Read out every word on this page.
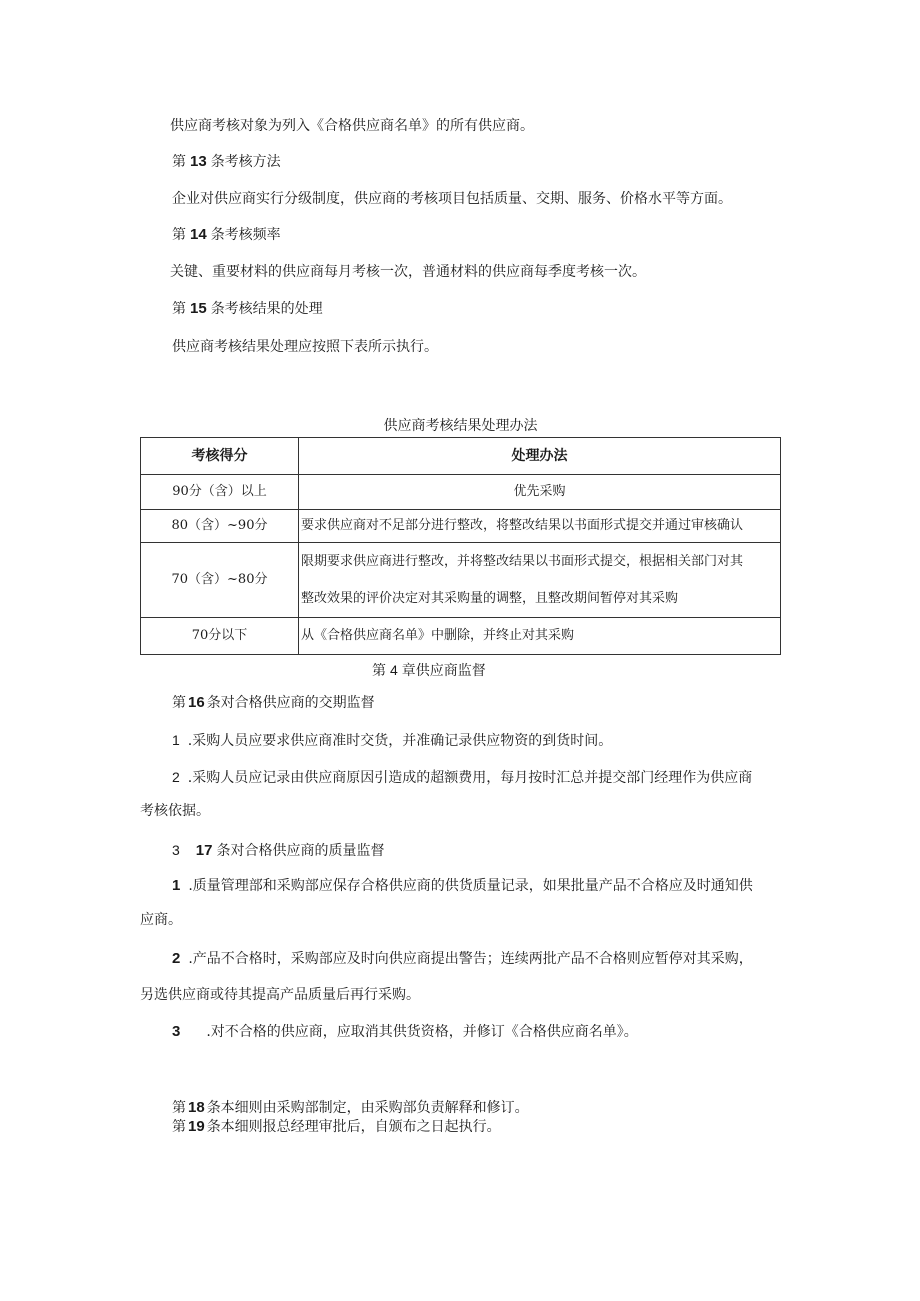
供应商考核对象为列入《合格供应商名单》的所有供应商。
第 13 条考核方法
企业对供应商实行分级制度，供应商的考核项目包括质量、交期、服务、价格水平等方面。
第 14 条考核频率
关键、重要材料的供应商每月考核一次，普通材料的供应商每季度考核一次。
第 15 条考核结果的处理
供应商考核结果处理应按照下表所示执行。
供应商考核结果处理办法
考核得分	处理办法
90分（含）以上	优先采购
80（含）~90分	要求供应商对不足部分进行整改，将整改结果以书面形式提交并通过审核确认
70（含）~80分	限期要求供应商进行整改，并将整改结果以书面形式提交，根据相关部门对其
整改效果的评价决定对其采购量的调整，且整改期间暂停对其采购

70分以下	从《合格供应商名单》中删除，并终止对其采购
第 4 章供应商监督
第 16 条对合格供应商的交期监督
1 .采购人员应要求供应商准时交货，并准确记录供应物资的到货时间。
2 .采购人员应记录由供应商原因引造成的超额费用，每月按时汇总并提交部门经理作为供应商
考核依据。
3 17 条对合格供应商的质量监督
1 .质量管理部和采购部应保存合格供应商的供货质量记录，如果批量产品不合格应及时通知供
应商。
2 .产品不合格时，采购部应及时向供应商提出警告；连续两批产品不合格则应暂停对其采购，
另选供应商或待其提高产品质量后再行采购。
3 .对不合格的供应商，应取消其供货资格，并修订《合格供应商名单》。
第 18 条本细则由采购部制定，由采购部负责解释和修订。
第 19 条本细则报总经理审批后，自颁布之日起执行。
